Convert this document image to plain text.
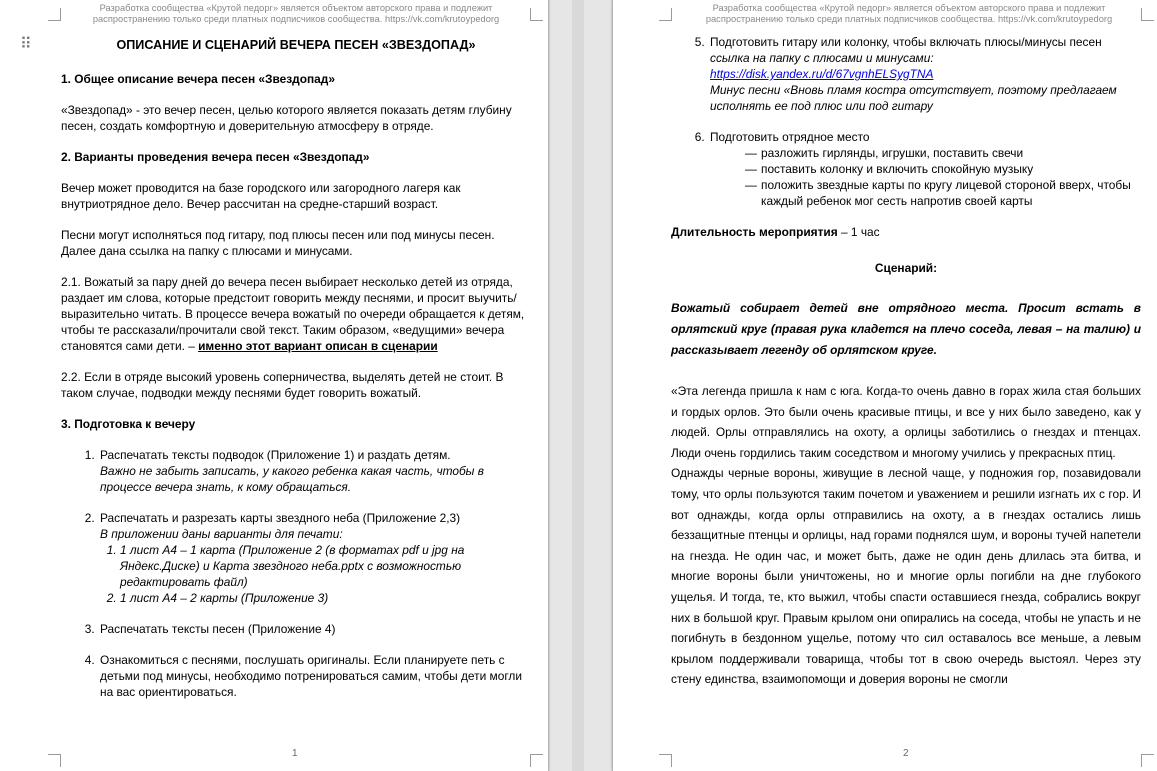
Разработка сообщества «Крутой педорг» является объектом авторского права и подлежит распространению только среди платных подписчиков сообщества. https://vk.com/krutoypedorg
⠿	ОПИСАНИЕ И СЦЕНАРИЙ ВЕЧЕРА ПЕСЕН «ЗВЕЗДОПАД»
1. Общее описание вечера песен «Звездопад»

«Звездопад» - это вечер песен, целью которого является показать детям глубину песен, создать комфортную и доверительную атмосферу в отряде.

2. Варианты проведения вечера песен «Звездопад»

Вечер может проводится на базе городского или загородного лагеря как внутриотрядное дело. Вечер рассчитан на средне-старший возраст.

Песни могут исполняться под гитару, под плюсы песен или под минусы песен. Далее дана ссылка на папку с плюсами и минусами.

2.1. Вожатый за пару дней до вечера песен выбирает несколько детей из отряда, раздает им слова, которые предстоит говорить между песнями, и просит выучить/выразительно читать. В процессе вечера вожатый по очереди обращается к детям, чтобы те рассказали/прочитали свой текст. Таким образом, «ведущими» вечера становятся сами дети. – именно этот вариант описан в сценарии

2.2. Если в отряде высокий уровень соперничества, выделять детей не стоит. В таком случае, подводки между песнями будет говорить вожатый.

3. Подготовка к вечеру
1. Распечатать тексты подводок (Приложение 1) и раздать детям.
Важно не забыть записать, у какого ребенка какая часть, чтобы в процессе вечера знать, к кому обращаться.
2. Распечатать и разрезать карты звездного неба (Приложение 2,3)
В приложении даны варианты для печати:
1. 1 лист А4 – 1 карта (Приложение 2 (в форматах pdf и jpg на Яндекс.Диске) и Карта звездного неба.pptx с возможностью редактировать файл)
2. 1 лист А4 – 2 карты (Приложение 3)
3. Распечатать тексты песен (Приложение 4)
4. Ознакомиться с песнями, послушать оригиналы. Если планируете петь с детьми под минусы, необходимо потренироваться самим, чтобы дети могли на вас ориентироваться.
1
Разработка сообщества «Крутой педорг» является объектом авторского права и подлежит распространению только среди платных подписчиков сообщества. https://vk.com/krutoypedorg
5. Подготовить гитару или колонку, чтобы включать плюсы/минусы песен
ссылка на папку с плюсами и минусами:
https://disk.yandex.ru/d/67vgnhELSygTNA
Минус песни «Вновь пламя костра отсутствует, поэтому предлагаем исполнять ее под плюс или под гитару
6. Подготовить отрядное место
— разложить гирлянды, игрушки, поставить свечи
— поставить колонку и включить спокойную музыку
— положить звездные карты по кругу лицевой стороной вверх, чтобы каждый ребенок мог сесть напротив своей карты

Длительность мероприятия – 1 час

Сценарий:

Вожатый собирает детей вне отрядного места. Просит встать в орлятский круг (правая рука кладется на плечо соседа, левая – на талию) и рассказывает легенду об орлятском круге.

«Эта легенда пришла к нам с юга. Когда-то очень давно в горах жила стая больших и гордых орлов. Это были очень красивые птицы, и все у них было заведено, как у людей. Орлы отправлялись на охоту, а орлицы заботились о гнездах и птенцах. Люди очень гордились таким соседством и многому учились у прекрасных птиц.

Однажды черные вороны, живущие в лесной чаще, у подножия гор, позавидовали тому, что орлы пользуются таким почетом и уважением и решили изгнать их с гор. И вот однажды, когда орлы отправились на охоту, а в гнездах остались лишь беззащитные птенцы и орлицы, над горами поднялся шум, и вороны тучей напетели на гнезда. Не один час, и может быть, даже не один день длилась эта битва, и многие вороны были уничтожены, но и многие орлы погибли на дне глубокого ущелья. И тогда, те, кто выжил, чтобы спасти оставшиеся гнезда, собрались вокруг них в большой круг. Правым крылом они опирались на соседа, чтобы не упасть и не погибнуть в бездонном ущелье, потому что сил оставалось все меньше, а левым крылом поддерживали товарища, чтобы тот в свою очередь выстоял. Через эту стену единства, взаимопомощи и доверия вороны не смогли

2
